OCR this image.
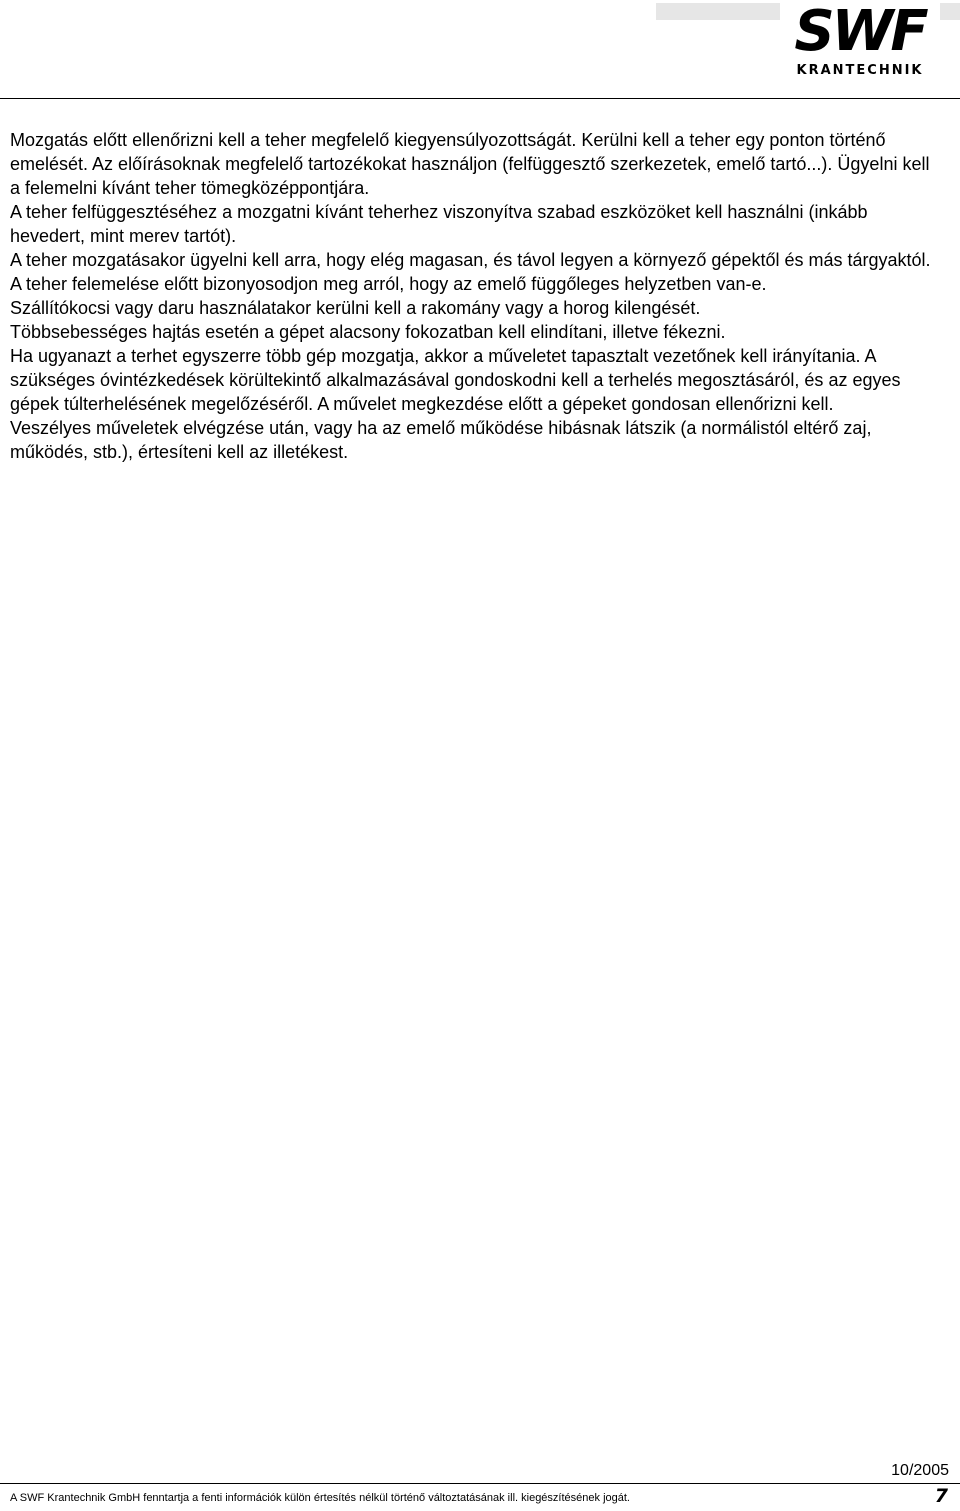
SWF
KRANTECHNIK

Mozgatás előtt ellenőrizni kell a teher megfelelő kiegyensúlyozottságát. Kerülni kell a teher egy ponton történő emelését. Az előírásoknak megfelelő tartozékokat használjon (felfüggesztő szerkezetek, emelő tartó...). Ügyelni kell a felemelni kívánt teher tömegközéppontjára.

A teher felfüggesztéséhez a mozgatni kívánt teherhez viszonyítva szabad eszközöket kell használni (inkább hevedert, mint merev tartót).

A teher mozgatásakor ügyelni kell arra, hogy elég magasan, és távol legyen a környező gépektől és más tárgyaktól.

A teher felemelése előtt bizonyosodjon meg arról, hogy az emelő függőleges helyzetben van-e.

Szállítókocsi vagy daru használatakor kerülni kell a rakomány vagy a horog kilengését.

Többsebességes hajtás esetén a gépet alacsony fokozatban kell elindítani, illetve fékezni.

Ha ugyanazt a terhet egyszerre több gép mozgatja, akkor a műveletet tapasztalt vezetőnek kell irányítania. A szükséges óvintézkedések körültekintő alkalmazásával gondoskodni kell a terhelés megosztásáról, és az egyes gépek túlterhelésének megelőzéséről. A művelet megkezdése előtt a gépeket gondosan ellenőrizni kell.

Veszélyes műveletek elvégzése után, vagy ha az emelő működése hibásnak látszik (a normálistól eltérő zaj, működés, stb.), értesíteni kell az illetékest.

10/2005
A SWF Krantechnik GmbH fenntartja a fenti információk külön értesítés nélkül történő változtatásának ill. kiegészítésének jogát.	7
